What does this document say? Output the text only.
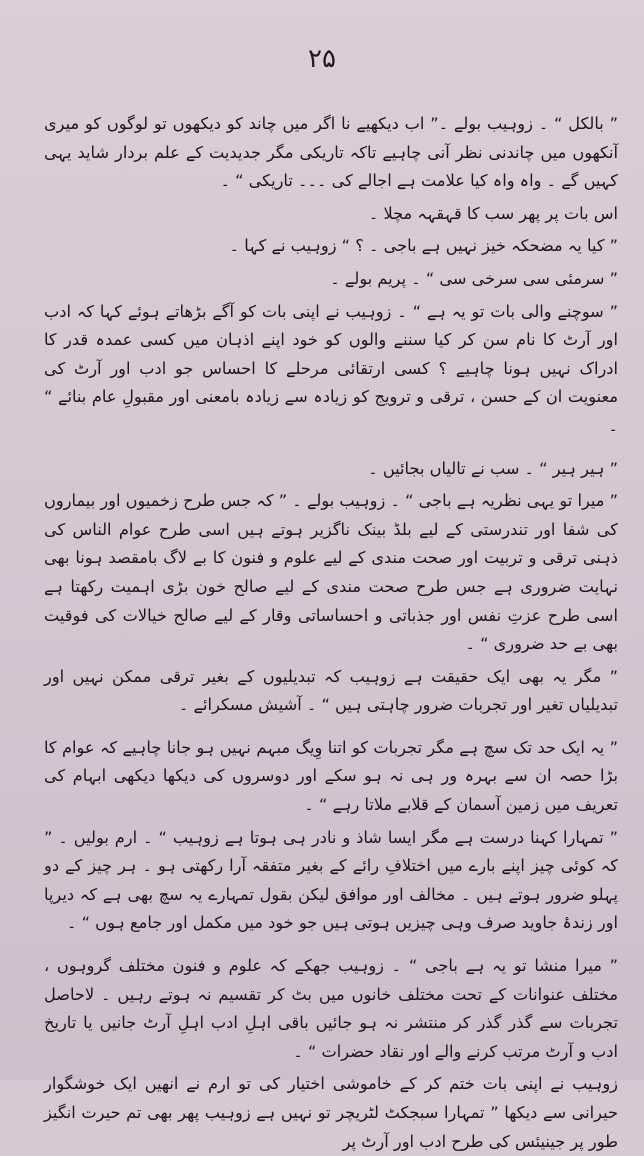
۲۵

” بالکل “ ۔ زوہیب بولے ۔” اب دیکھیے نا اگر میں چاند کو دیکھوں تو لوگوں کو میری آنکھوں میں چاندنی نظر آنی چاہیے تاکہ تاریکی مگر جدیدیت کے علم بردار شاید یہی کہیں گے ۔ واہ واہ کیا علامت ہے اجالے کی ۔۔۔ تاریکی “ ۔

اس بات پر پھر سب کا قہقہہ مچلا ۔

” کیا یہ مضحکہ خیز نہیں ہے باجی ۔ ؟ “ زوہیب نے کہا ۔

” سرمئی سی سرخی سی “ ۔ پریم بولے ۔

” سوچنے والی بات تو یہ ہے “ ۔ زوہیب نے اپنی بات کو آگے بڑھاتے ہوئے کہا کہ ادب اور آرٹ کا نام سن کر کیا سننے والوں کو خود اپنے اذہان میں کسی عمدہ قدر کا ادراک نہیں ہونا چاہیے ؟ کسی ارتقائی مرحلے کا احساس جو ادب اور آرٹ کی معنویت ان کے حسن ، ترقی و ترویج کو زیادہ سے زیادہ بامعنی اور مقبولِ عام بنائے “ ۔

” ہیر ہیر “ ۔ سب نے تالیاں بجائیں ۔

” میرا تو یہی نظریہ ہے باجی “ ۔ زوہیب بولے ۔ ” کہ جس طرح زخمیوں اور بیماروں کی شفا اور تندرستی کے لیے بلڈ بینک ناگزیر ہوتے ہیں اسی طرح عوام الناس کی ذہنی ترقی و تربیت اور صحت مندی کے لیے علوم و فنون کا بے لاگ بامقصد ہونا بھی نہایت ضروری ہے جس طرح صحت مندی کے لیے صالح خون بڑی اہمیت رکھتا ہے اسی طرح عزتِ نفس اور جذباتی و احساساتی وقار کے لیے صالح خیالات کی فوقیت بھی بے حد ضروری “ ۔

” مگر یہ بھی ایک حقیقت ہے زوہیب کہ تبدیلیوں کے بغیر ترقی ممکن نہیں اور تبدیلیاں تغیر اور تجربات ضرور چاہتی ہیں “ ۔ آشیش مسکرائے ۔

” یہ ایک حد تک سچ ہے مگر تجربات کو اتنا وِیگ مبہم نہیں ہو جانا چاہیے کہ عوام کا بڑا حصہ ان سے بہرہ ور ہی نہ ہو سکے اور دوسروں کی دیکھا دیکھی ابہام کی تعریف میں زمین آسمان کے قلابے ملاتا رہے “ ۔

” تمہارا کہنا درست ہے مگر ایسا شاذ و نادر ہی ہوتا ہے زوہیب “ ۔ ارم بولیں ۔ ” کہ کوئی چیز اپنے بارے میں اختلافِ رائے کے بغیر متفقہ آرا رکھتی ہو ۔ ہر چیز کے دو پہلو ضرور ہوتے ہیں ۔ مخالف اور موافق لیکن بقول تمہارے یہ سچ بھی ہے کہ دیرپا اور زندۂ جاوید صرف وہی چیزیں ہوتی ہیں جو خود میں مکمل اور جامع ہوں “ ۔

” میرا منشا تو یہ ہے باجی “ ۔ زوہیب جھکے کہ علوم و فنون مختلف گروہوں ، مختلف عنوانات کے تحت مختلف خانوں میں بٹ کر تقسیم نہ ہوتے رہیں ۔ لاحاصل تجربات سے گذر گذر کر منتشر نہ ہو جائیں باقی اہلِ ادب اہلِ آرٹ جانیں یا تاریخ ادب و آرٹ مرتب کرنے والے اور نقاد حضرات “ ۔

زوہیب نے اپنی بات ختم کر کے خاموشی اختیار کی تو ارم نے انھیں ایک خوشگوار حیرانی سے دیکھا ” تمہارا سبجکٹ لٹریچر تو نہیں ہے زوہیب پھر بھی تم حیرت انگیز طور پر جینیئس کی طرح ادب اور آرٹ پر
